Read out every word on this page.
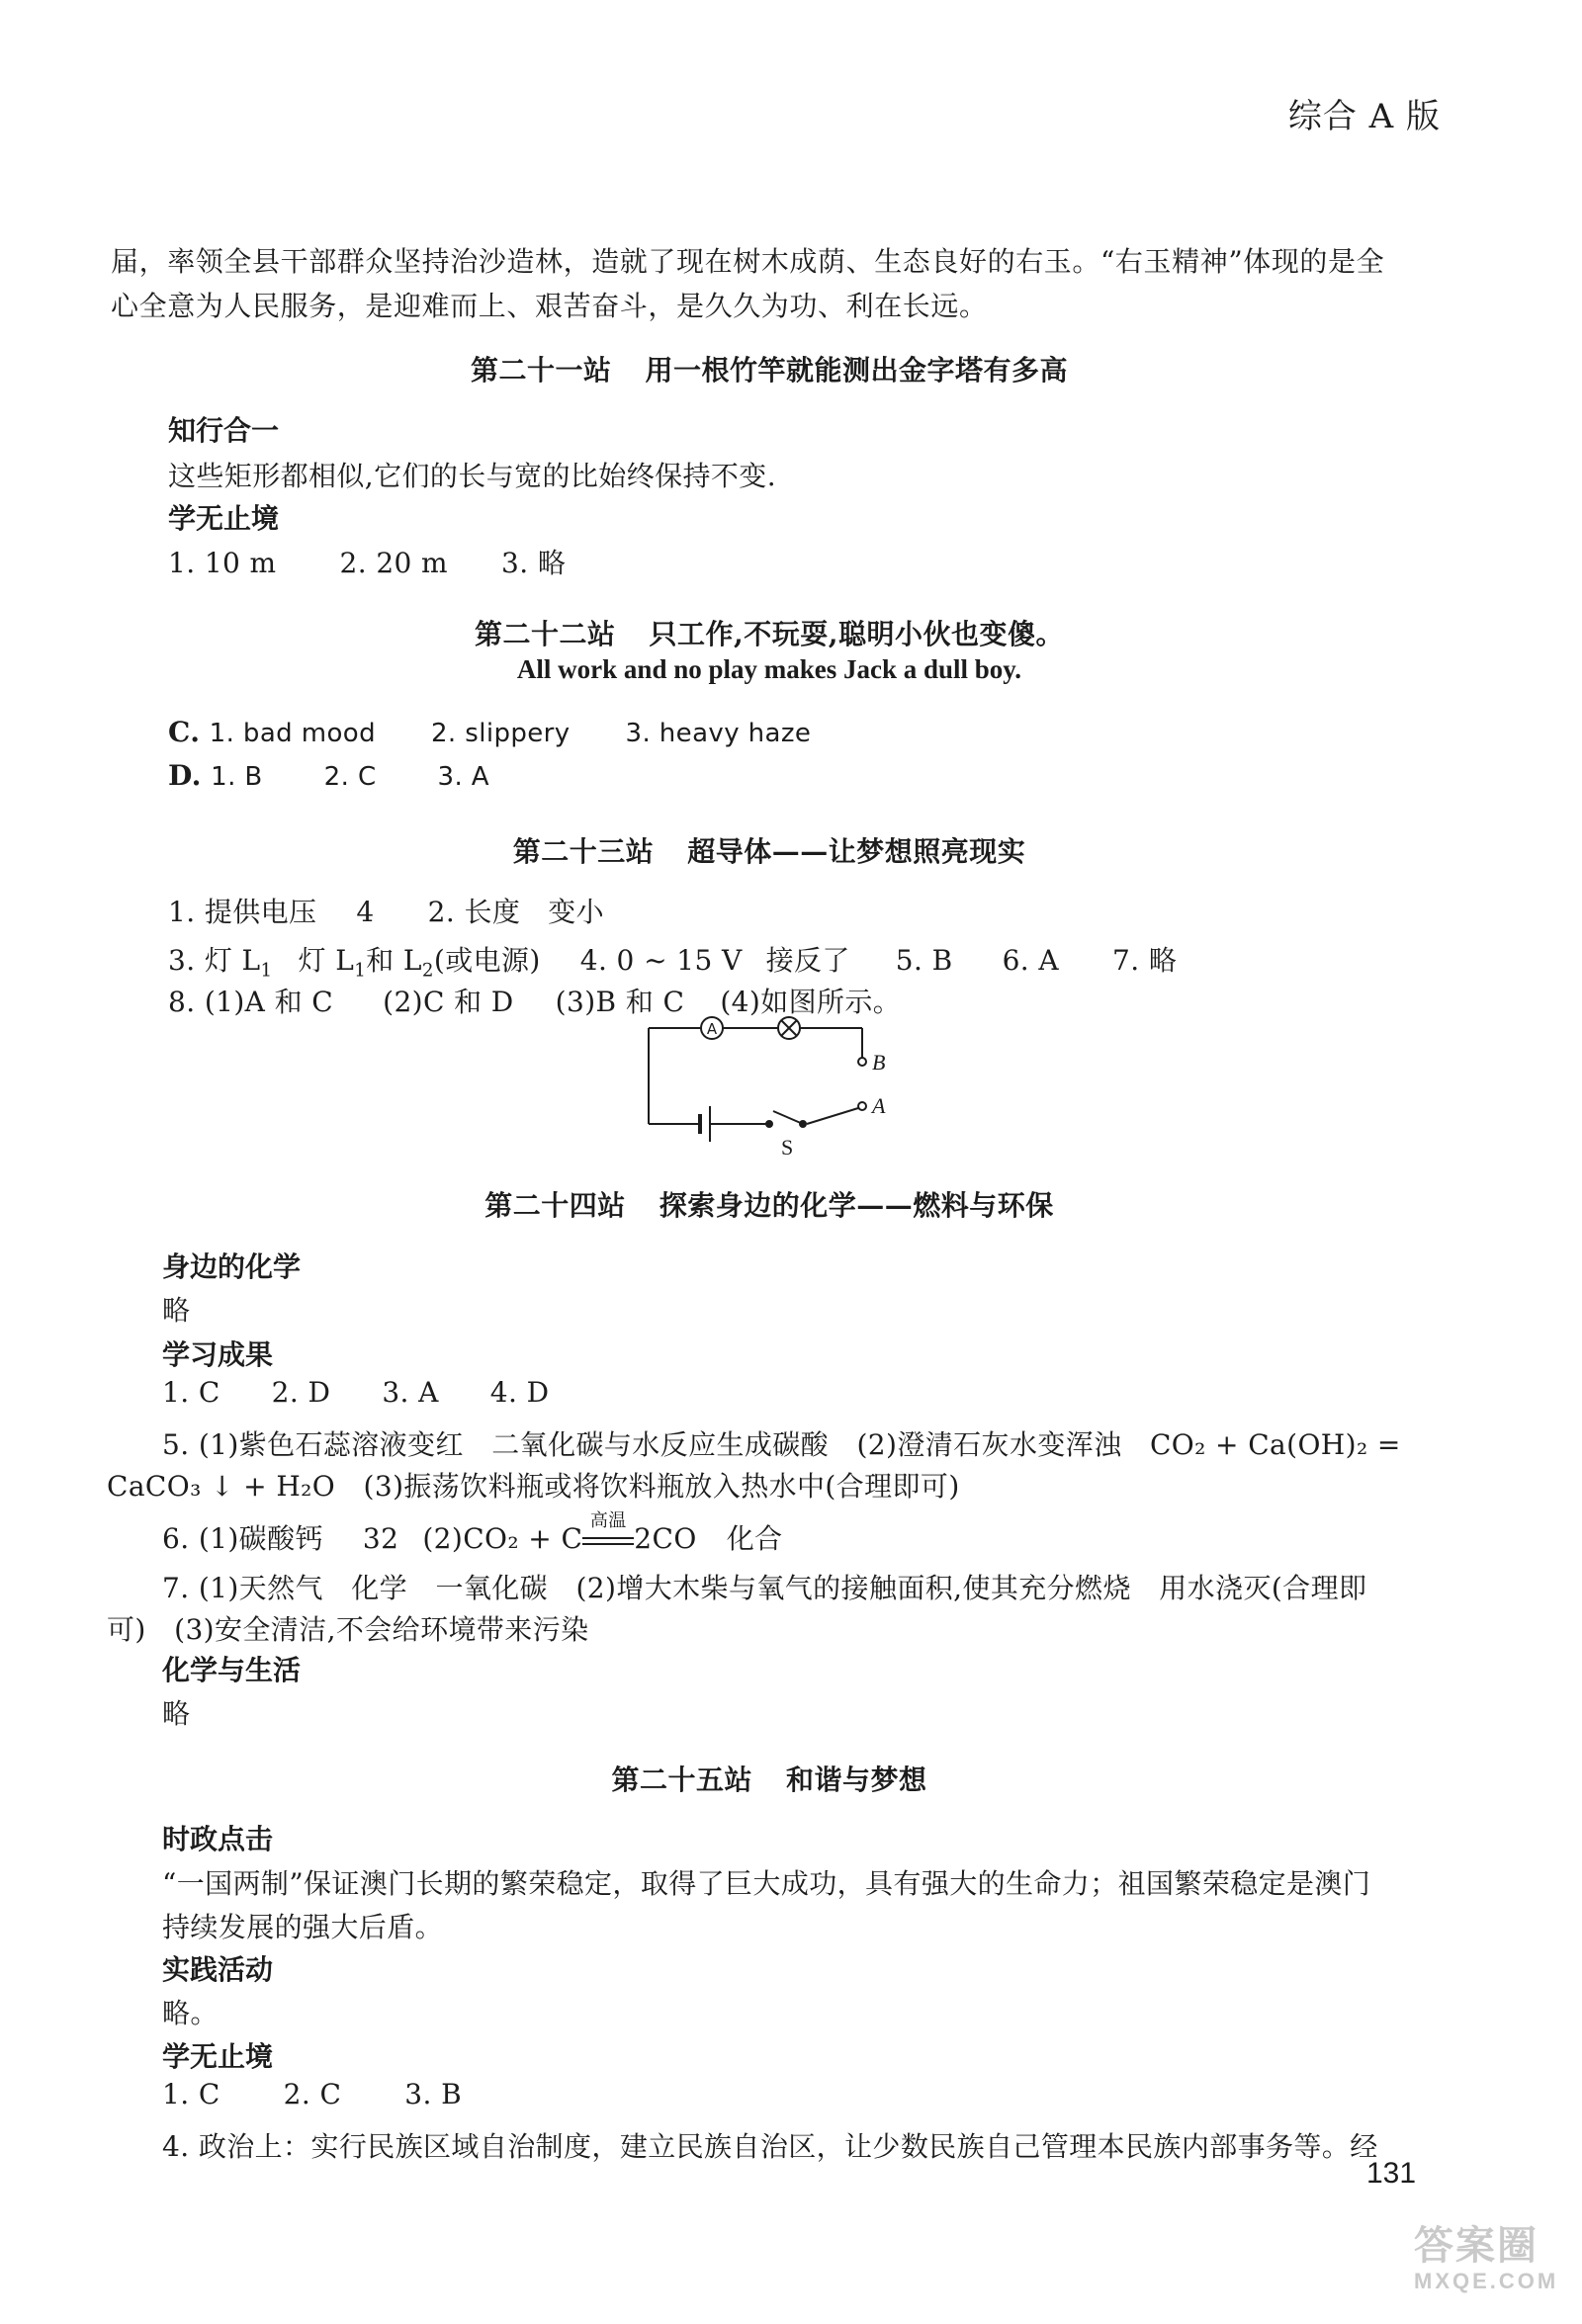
综合 A 版
届，率领全县干部群众坚持治沙造林，造就了现在树木成荫、生态良好的右玉。“右玉精神”体现的是全
心全意为人民服务，是迎难而上、艰苦奋斗，是久久为功、利在长远。
第二十一站 用一根竹竿就能测出金字塔有多高
知行合一
这些矩形都相似,它们的长与宽的比始终保持不变.
学无止境
1. 10 m 2. 20 m 3. 略
第二十二站 只工作,不玩耍,聪明小伙也变傻。
All work and no play makes Jack a dull boy.
C. 1. bad mood 2. slippery 3. heavy haze
D. 1. B 2. C 3. A
第二十三站 超导体——让梦想照亮现实
1. 提供电压 4 2. 长度 变小
3. 灯 $L_1$ 灯 $L_1$和 $L_2$(或电源) 4. 0 ~ 15 V 接反了 5. B 6. A 7. 略
8. (1)A 和 C (2)C 和 D (3)B 和 C (4)如图所示。
A
B
A
S
第二十四站 探索身边的化学——燃料与环保
身边的化学
略
学习成果
1. C 2. D 3. A 4. D
5. (1)紫色石蕊溶液变红　二氧化碳与水反应生成碳酸　(2)澄清石灰水变浑浊　CO₂ + Ca(OH)₂ =
CaCO₃ ↓ + H₂O　(3)振荡饮料瓶或将饮料瓶放入热水中(合理即可)
6. (1)碳酸钙 32 (2)CO₂ + C
高温
2CO 化合
7. (1)天然气　化学　一氧化碳　(2)增大木柴与氧气的接触面积,使其充分燃烧　用水浇灭(合理即
可)　(3)安全清洁,不会给环境带来污染
化学与生活
略
第二十五站 和谐与梦想
时政点击
“一国两制”保证澳门长期的繁荣稳定，取得了巨大成功，具有强大的生命力；祖国繁荣稳定是澳门
持续发展的强大后盾。
实践活动
略。
学无止境
1. C 2. C 3. B
4. 政治上：实行民族区域自治制度，建立民族自治区，让少数民族自己管理本民族内部事务等。经
131
答案圈
MXQE.COM
